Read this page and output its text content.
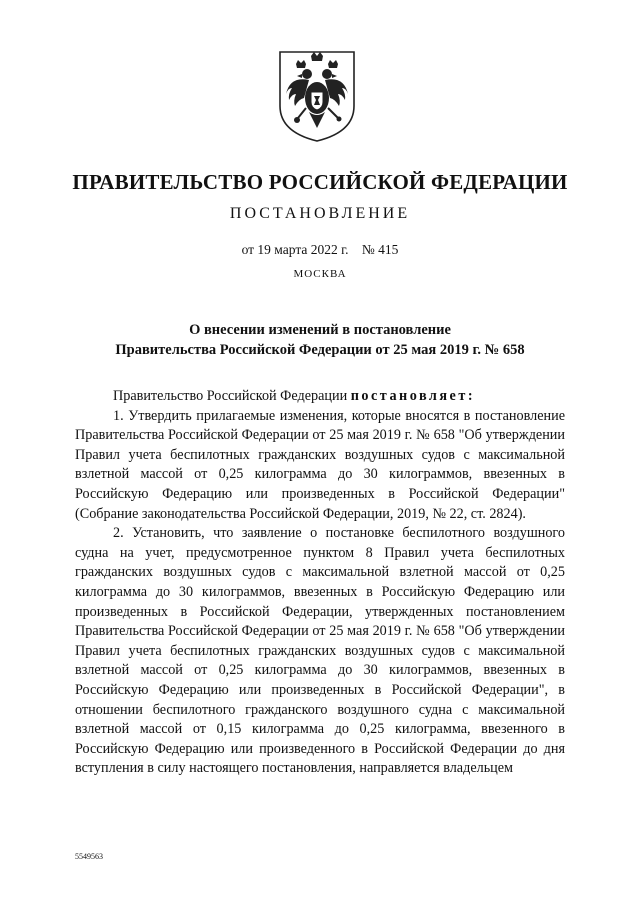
ПРАВИТЕЛЬСТВО РОССИЙСКОЙ ФЕДЕРАЦИИ
ПОСТАНОВЛЕНИЕ
от 19 марта 2022 г. № 415
МОСКВА
О внесении изменений в постановление
Правительства Российской Федерации от 25 мая 2019 г. № 658

Правительство Российской Федерации постановляет:

1. Утвердить прилагаемые изменения, которые вносятся в постановление Правительства Российской Федерации от 25 мая 2019 г. № 658 "Об утверждении Правил учета беспилотных гражданских воздушных судов с максимальной взлетной массой от 0,25 килограмма до 30 килограммов, ввезенных в Российскую Федерацию или произведенных в Российской Федерации" (Собрание законодательства Российской Федерации, 2019, № 22, ст. 2824).

2. Установить, что заявление о постановке беспилотного воздушного судна на учет, предусмотренное пунктом 8 Правил учета беспилотных гражданских воздушных судов с максимальной взлетной массой от 0,25 килограмма до 30 килограммов, ввезенных в Российскую Федерацию или произведенных в Российской Федерации, утвержденных постановлением Правительства Российской Федерации от 25 мая 2019 г. № 658 "Об утверждении Правил учета беспилотных гражданских воздушных судов с максимальной взлетной массой от 0,25 килограмма до 30 килограммов, ввезенных в Российскую Федерацию или произведенных в Российской Федерации", в отношении беспилотного гражданского воздушного судна с максимальной взлетной массой от 0,15 килограмма до 0,25 килограмма, ввезенного в Российскую Федерацию или произведенного в Российской Федерации до дня вступления в силу настоящего постановления, направляется владельцем

5549563
